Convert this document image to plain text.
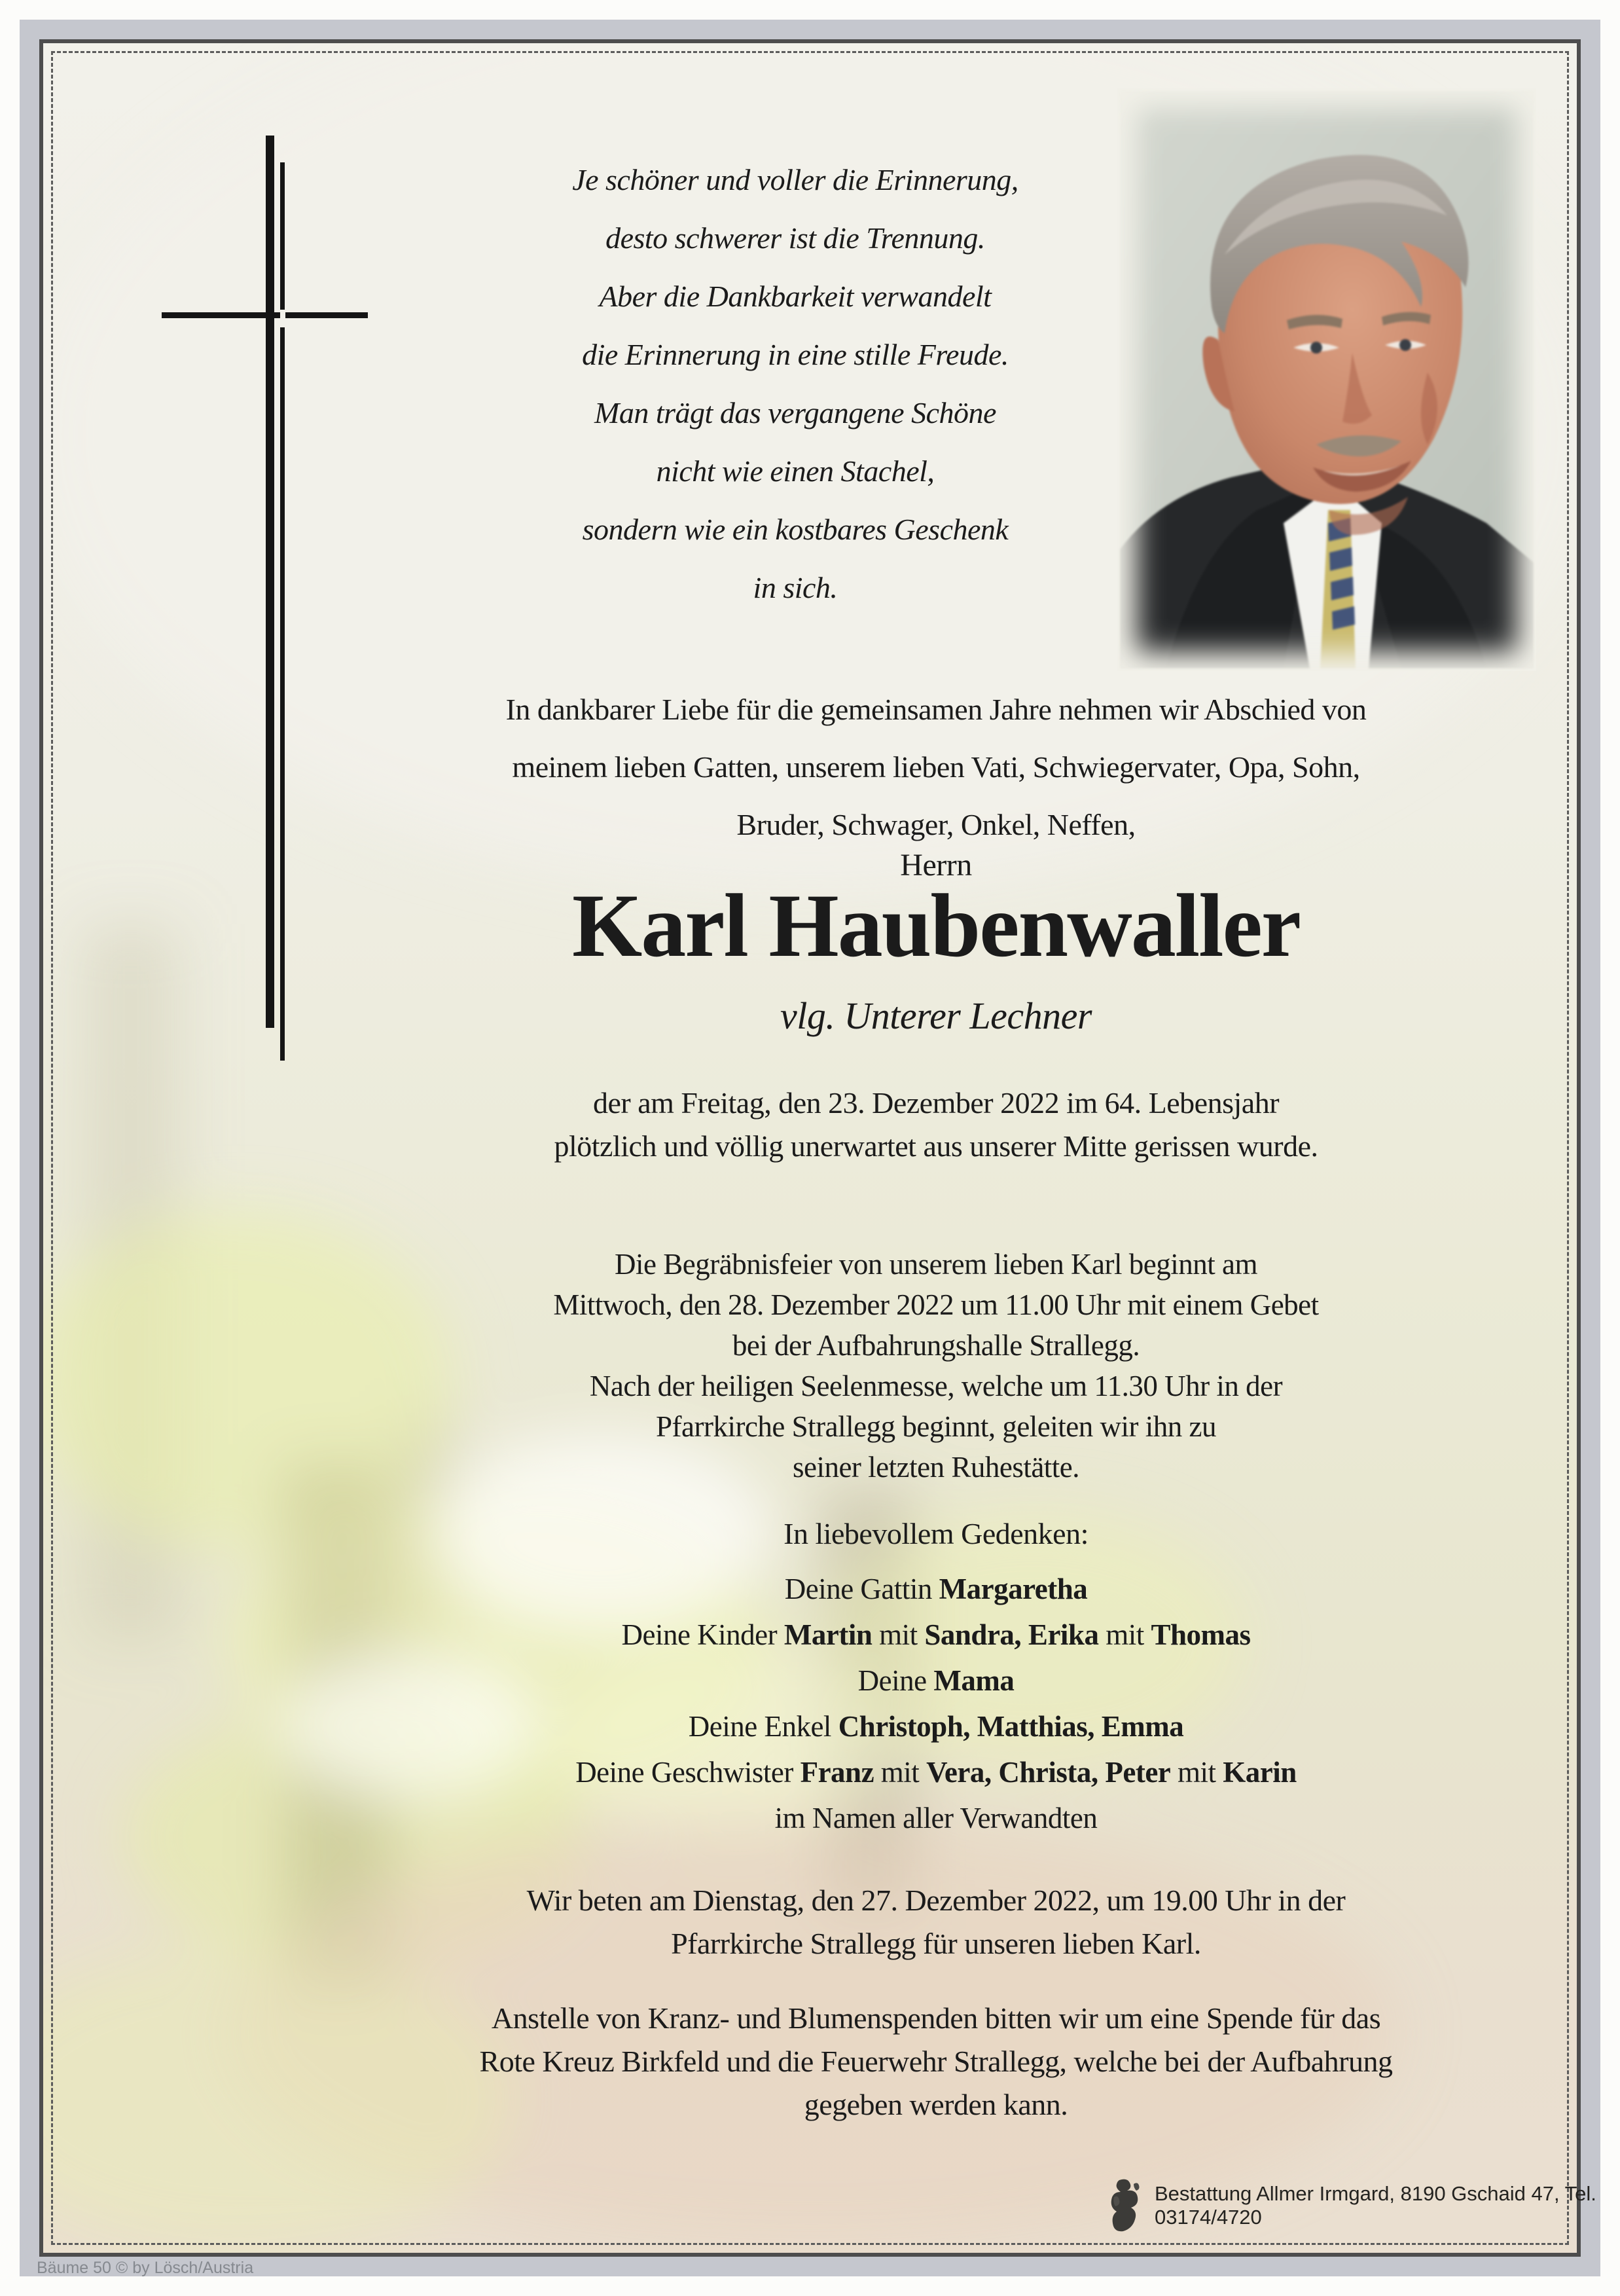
Je schöner und voller die Erinnerung,
desto schwerer ist die Trennung.
Aber die Dankbarkeit verwandelt
die Erinnerung in eine stille Freude.
Man trägt das vergangene Schöne
nicht wie einen Stachel,
sondern wie ein kostbares Geschenk
in sich.
In dankbarer Liebe für die gemeinsamen Jahre nehmen wir Abschied von
meinem lieben Gatten, unserem lieben Vati, Schwiegervater, Opa, Sohn,
Bruder, Schwager, Onkel, Neffen,
Herrn
Karl Haubenwaller
vlg. Unterer Lechner
der am Freitag, den 23. Dezember 2022 im 64. Lebensjahr
plötzlich und völlig unerwartet aus unserer Mitte gerissen wurde.
Die Begräbnisfeier von unserem lieben Karl beginnt am
Mittwoch, den 28. Dezember 2022 um 11.00 Uhr mit einem Gebet
bei der Aufbahrungshalle Strallegg.
Nach der heiligen Seelenmesse, welche um 11.30 Uhr in der
Pfarrkirche Strallegg beginnt, geleiten wir ihn zu
seiner letzten Ruhestätte.
In liebevollem Gedenken:
Deine Gattin Margaretha
Deine Kinder Martin mit Sandra, Erika mit Thomas
Deine Mama
Deine Enkel Christoph, Matthias, Emma
Deine Geschwister Franz mit Vera, Christa, Peter mit Karin
im Namen aller Verwandten
Wir beten am Dienstag, den 27. Dezember 2022, um 19.00 Uhr in der
Pfarrkirche Strallegg für unseren lieben Karl.
Anstelle von Kranz- und Blumenspenden bitten wir um eine Spende für das
Rote Kreuz Birkfeld und die Feuerwehr Strallegg, welche bei der Aufbahrung
gegeben werden kann.
Bestattung Allmer Irmgard, 8190 Gschaid 47, Tel. 03174/4720
Bäume 50 © by Lösch/Austria
